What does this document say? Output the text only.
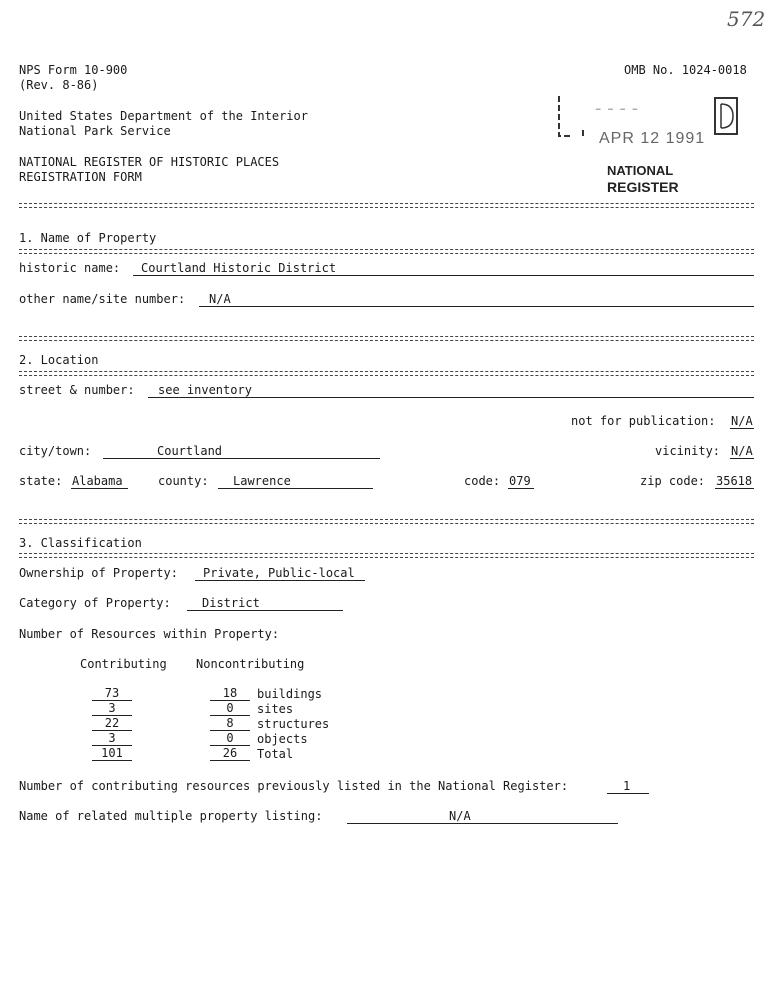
572
NPS Form 10-900
(Rev. 8-86)
OMB No. 1024-0018
United States Department of the Interior
National Park Service
NATIONAL REGISTER OF HISTORIC PLACES
REGISTRATION FORM
- - - -
APR 12 1991
NATIONAL
REGISTER
1. Name of Property
historic name: Courtland Historic District
other name/site number: N/A
2. Location
street & number: see inventory
not for publication: N/A
city/town:	Courtland	vicinity: N/A
state: Alabama	county: Lawrence	code: 079	zip code: 35618
3. Classification
Ownership of Property: Private, Public-local
Category of Property:	District
Number of Resources within Property:
Contributing Noncontributing
73	18	buildings
3	0	sites
22	8	structures
3	0	objects
101	26	Total
Number of contributing resources previously listed in the National Register:	1
Name of related multiple property listing:	N/A
